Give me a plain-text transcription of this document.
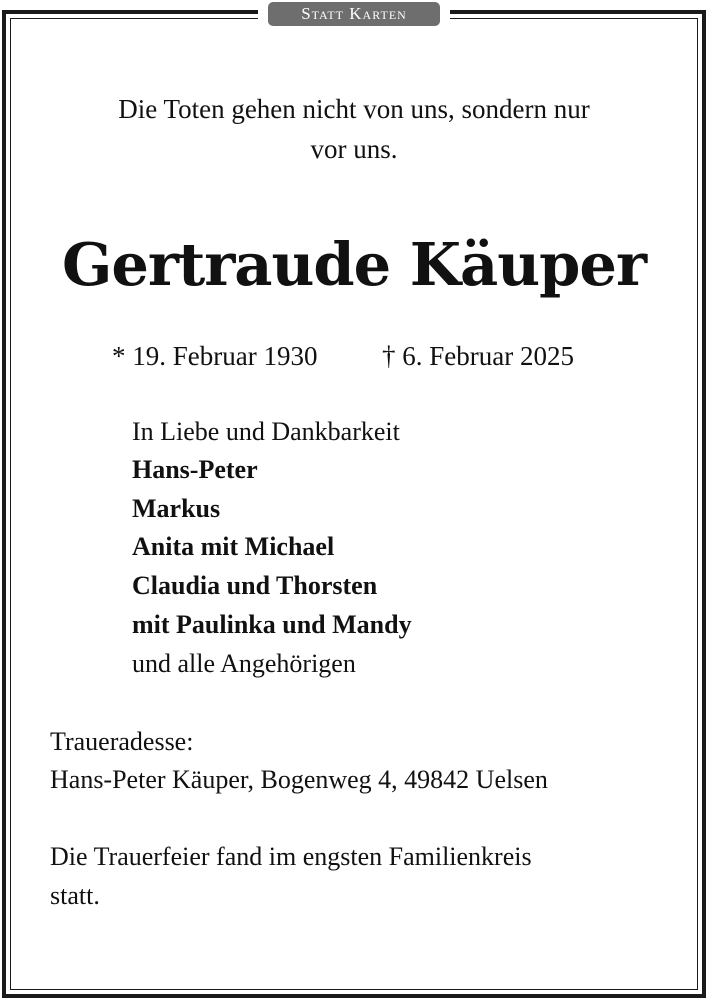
Statt Karten

Die Toten gehen nicht von uns, sondern nur

vor uns.

Gertraude Käuper

* 19. Februar 1930 † 6. Februar 2025

In Liebe und Dankbarkeit

Hans-Peter

Markus

Anita mit Michael

Claudia und Thorsten

mit Paulinka und Mandy

und alle Angehörigen

Traueradesse:

Hans-Peter Käuper, Bogenweg 4, 49842 Uelsen

Die Trauerfeier fand im engsten Familienkreis

statt.
